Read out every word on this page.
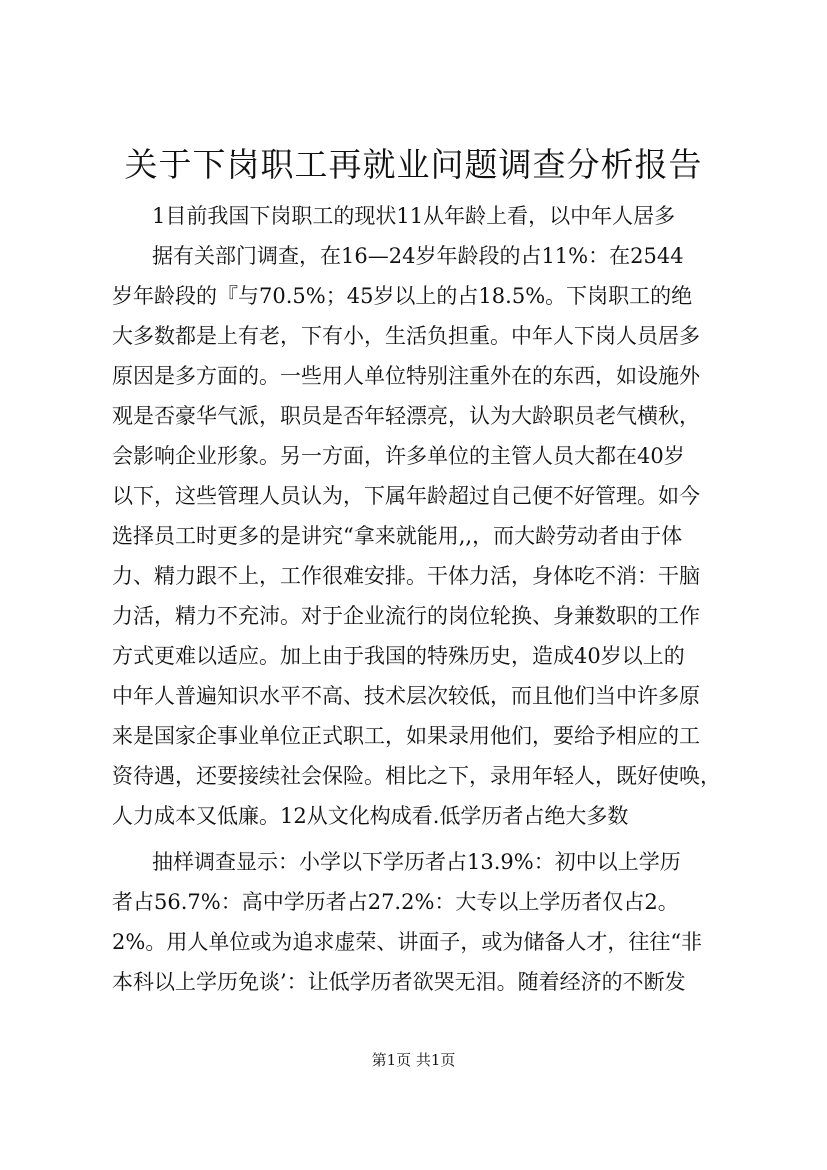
关于下岗职工再就业问题调查分析报告
1目前我国下岗职工的现状11从年龄上看，以中年人居多
据有关部门调查，在16—24岁年龄段的占11%：在2544
岁年龄段的『与70.5%；45岁以上的占18.5%。下岗职工的绝
大多数都是上有老，下有小，生活负担重。中年人下岗人员居多
原因是多方面的。一些用人单位特别注重外在的东西，如设施外
观是否豪华气派，职员是否年轻漂亮，认为大龄职员老气横秋，
会影响企业形象。另一方面，许多单位的主管人员大都在40岁
以下，这些管理人员认为，下属年龄超过自己便不好管理。如今
选择员工时更多的是讲究“拿来就能用,,，而大龄劳动者由于体
力、精力跟不上，工作很难安排。干体力活，身体吃不消：干脑
力活，精力不充沛。对于企业流行的岗位轮换、身兼数职的工作
方式更难以适应。加上由于我国的特殊历史，造成40岁以上的
中年人普遍知识水平不高、技术层次较低，而且他们当中许多原
来是国家企事业单位正式职工，如果录用他们，要给予相应的工
资待遇，还要接续社会保险。相比之下，录用年轻人，既好使唤，
人力成本又低廉。12从文化构成看.低学历者占绝大多数
抽样调查显示：小学以下学历者占13.9%：初中以上学历
者占56.7%：高中学历者占27.2%：大专以上学历者仅占2。
2%。用人单位或为追求虚荣、讲面子，或为储备人才，往往“非
本科以上学历免谈’：让低学历者欲哭无泪。随着经济的不断发
第1页 共1页
